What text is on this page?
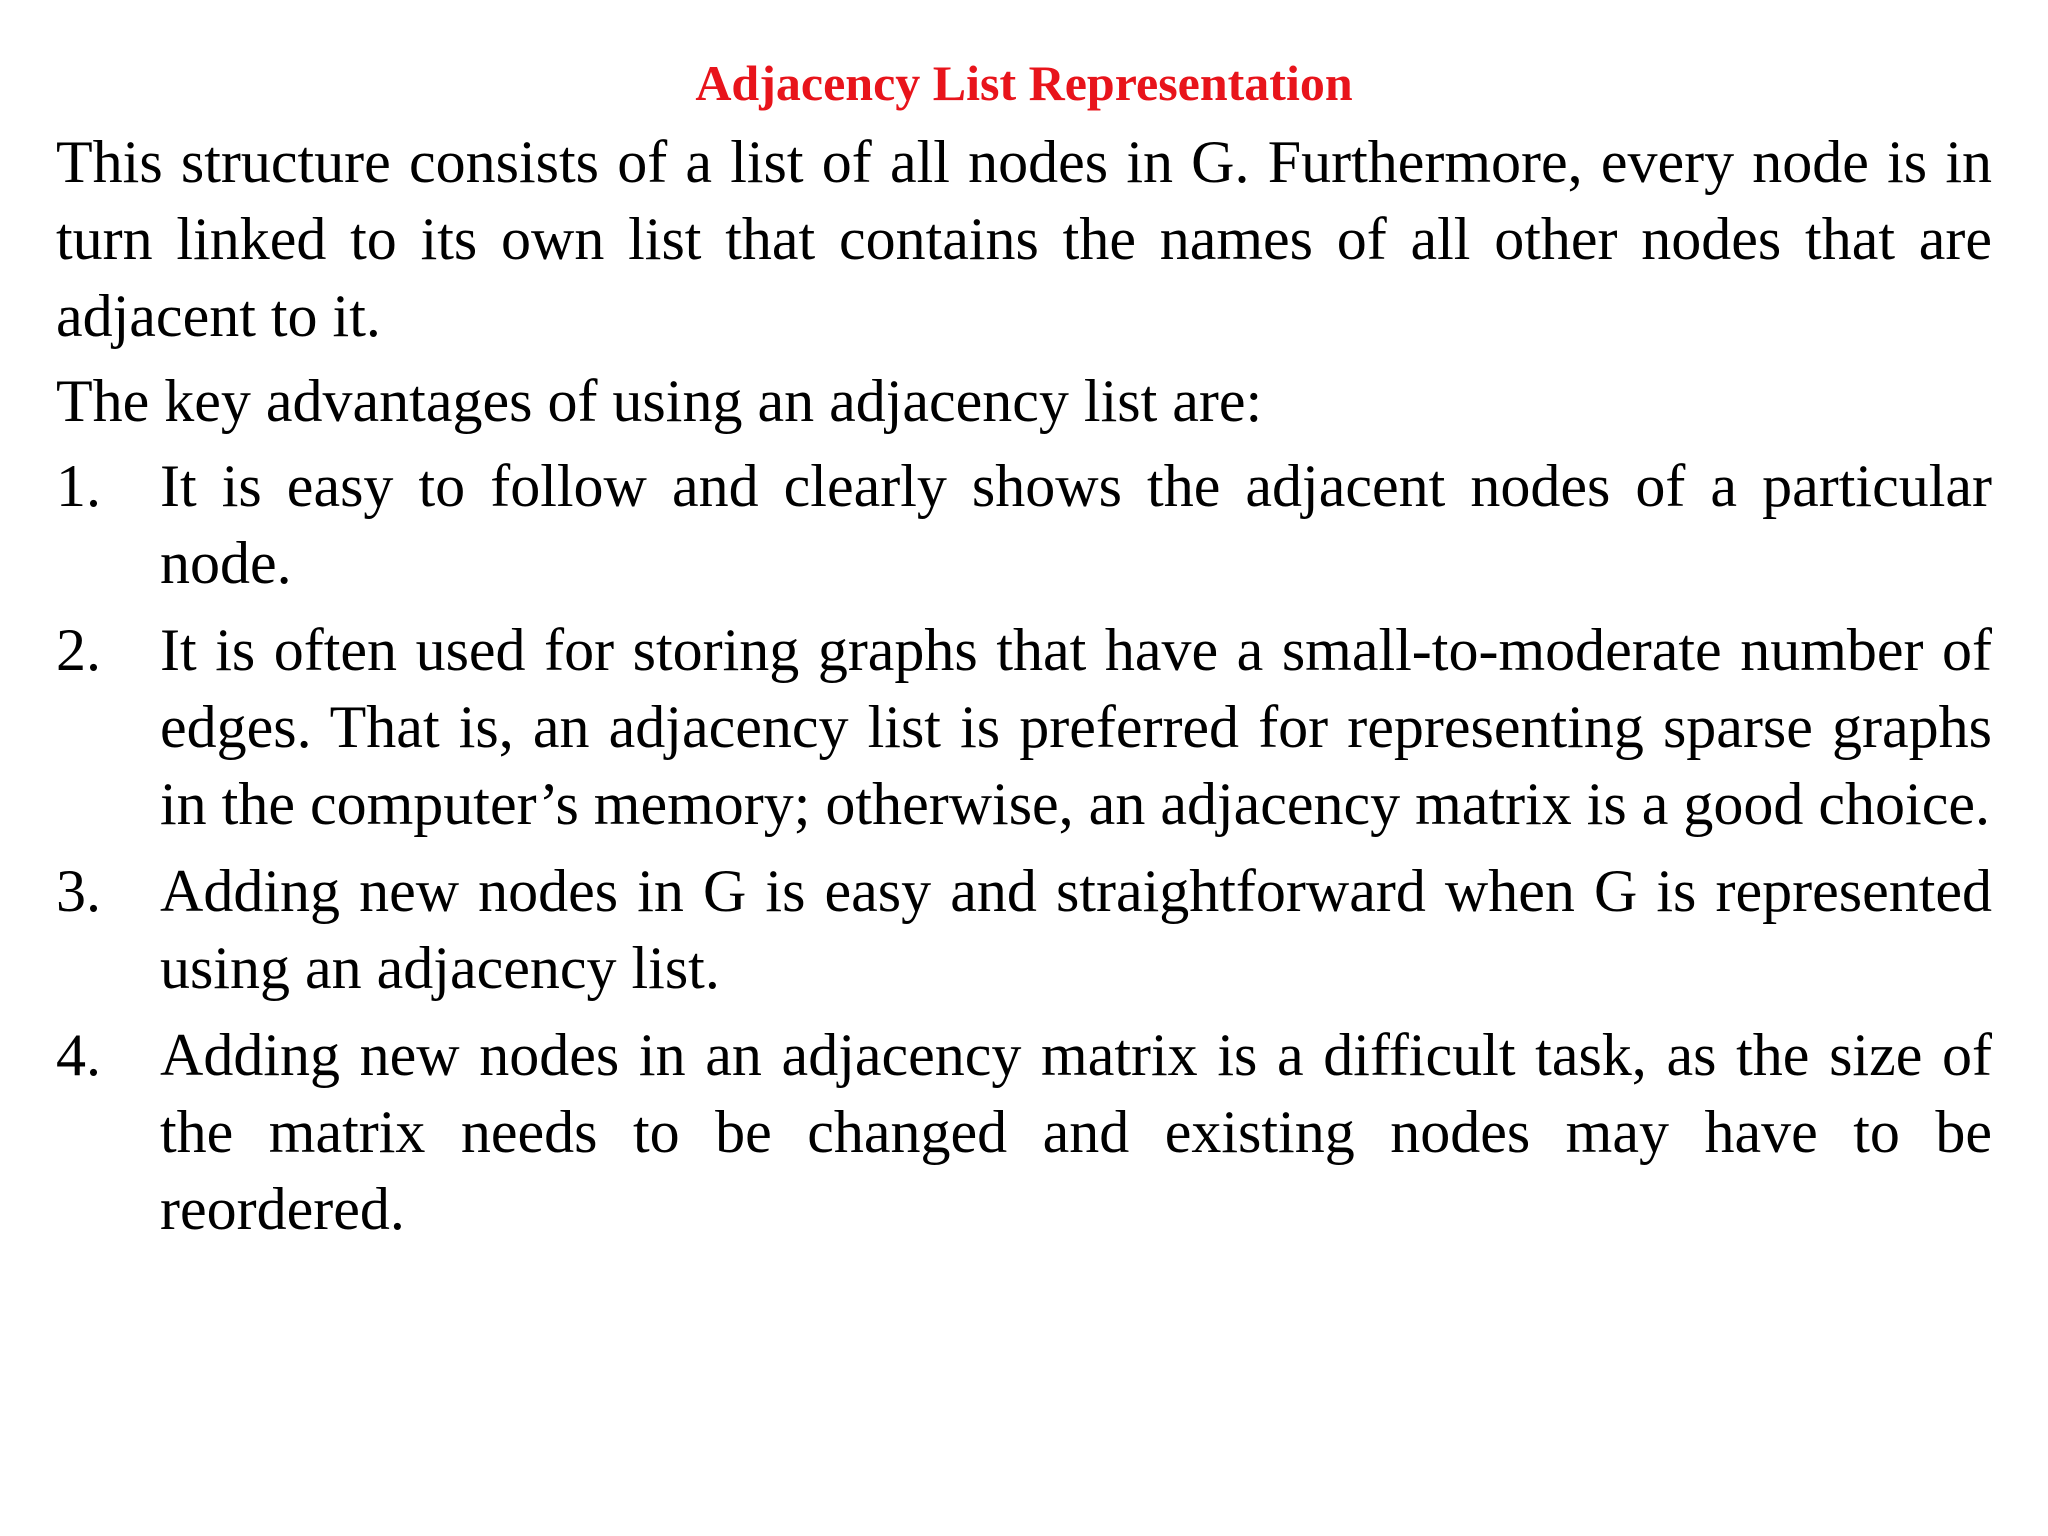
Adjacency List Representation

This structure consists of a list of all nodes in G. Furthermore, every node is in turn linked to its own list that contains the names of all other nodes that are adjacent to it.

The key advantages of using an adjacency list are:

1. It is easy to follow and clearly shows the adjacent nodes of a particular node.
2. It is often used for storing graphs that have a small-to-moderate number of edges. That is, an adjacency list is preferred for representing sparse graphs in the computer’s memory; otherwise, an adjacency matrix is a good choice.
3. Adding new nodes in G is easy and straightforward when G is represented using an adjacency list.
4. Adding new nodes in an adjacency matrix is a difficult task, as the size of the matrix needs to be changed and existing nodes may have to be reordered.
